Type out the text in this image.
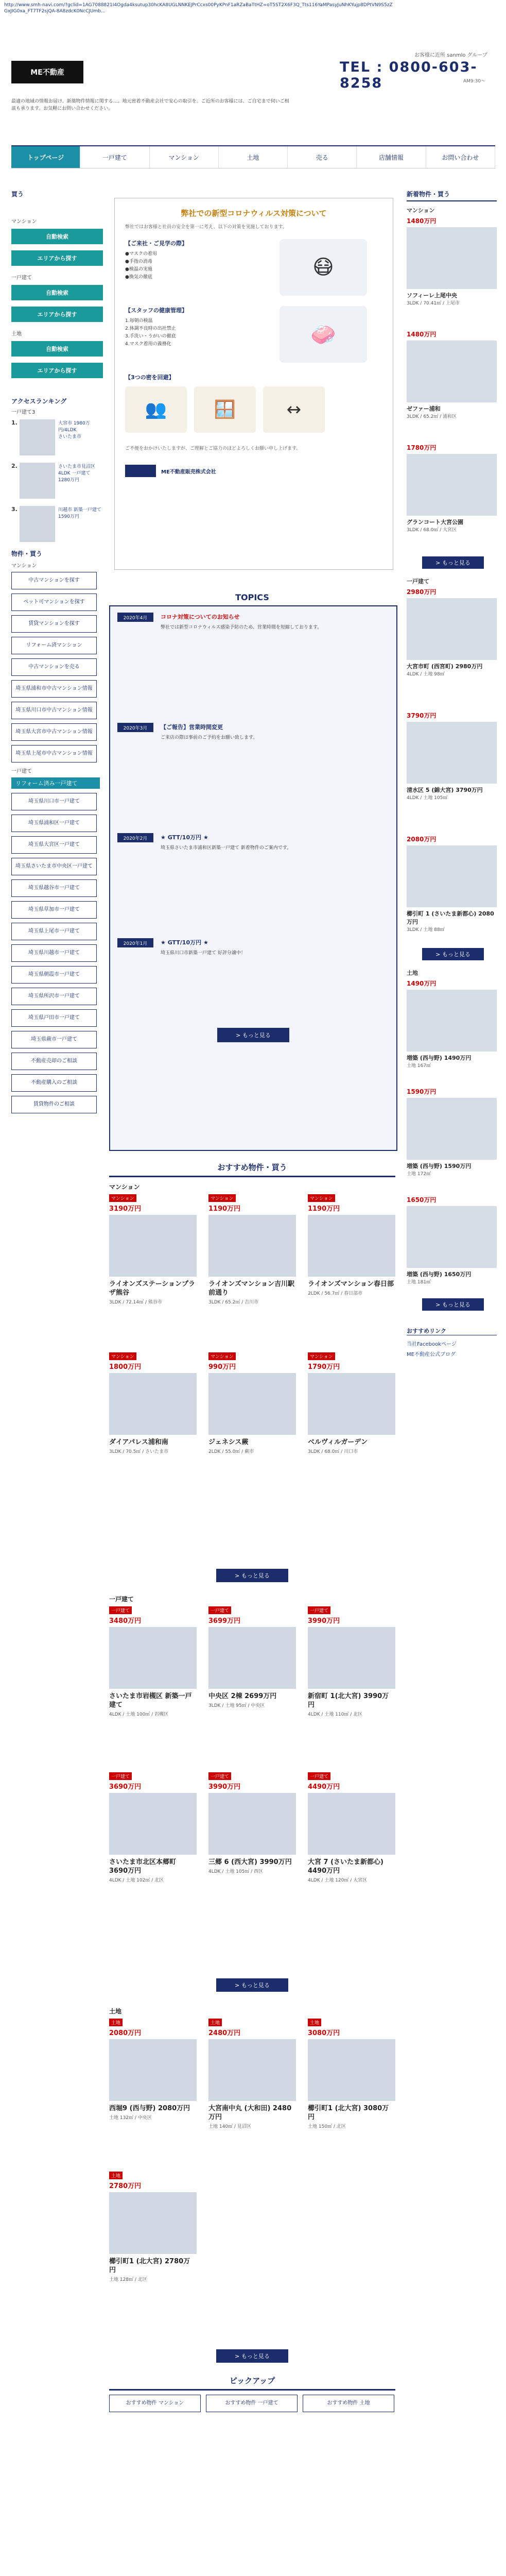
http://www.smh-navi.com/?gclid=1AG7088821I4Ogda4ksutup30hcKA8UGLNNKEJPrCcxs00PyKPnF1aRZaBaTtHZ=oT5ST2X6F3Q_Tts116YaMPasyJuNhKYujp8DPtVN9S5zZGxJIG0xa_FT7TF2sjQA-8A8zdcK0NcCJUmb...
ME不動産
お客様に近所 sanmlo グループ
TEL : 0800-603-8258	AM9:30～
最適の地域の情報お届け、新築物件情報に関する…。地元密着不動産会社で安心の取引を。ご近所のお客様には、ご自宅まで伺いご相談も承ります。お気軽にお問い合わせください。
トップページ	一戸建て	マンション	土地	売る	店舗情報	お問い合わせ
買う
マンション
自動検索
エリアから探す
一戸建て
自動検索
エリアから探す
土地
自動検索
エリアから探す
アクセスランキング
一戸建て3
1.	大宮市 1980万円/4LDK
さいたま市
2.	さいたま市見沼区 4LDK 一戸建て
1280万円
3.	川越市 新築一戸建て
1590万円
物件・買う
マンション
中古マンションを探す
ペット可マンションを探す
賃貸マンションを探す
リフォーム済マンション
中古マンションを売る
埼玉県浦和市中古マンション情報
埼玉県川口市中古マンション情報
埼玉県大宮市中古マンション情報
埼玉県上尾市中古マンション情報
一戸建て
リフォーム済み一戸建て
埼玉県川口市一戸建て
埼玉県浦和区一戸建て
埼玉県大宮区一戸建て
埼玉県さいたま市中央区一戸建て
埼玉県越谷市一戸建て
埼玉県草加市一戸建て
埼玉県上尾市一戸建て
埼玉県川越市一戸建て
埼玉県朝霞市一戸建て
埼玉県所沢市一戸建て
埼玉県戸田市一戸建て
埼玉県蕨市一戸建て
不動産売却のご相談
不動産購入のご相談
賃貸物件のご相談
弊社での新型コロナウィルス対策について
弊社ではお客様と社員の安全を第一に考え、以下の対策を実施しております。
【ご来社・ご見学の際】
●マスクの着用
●手指の消毒
●検温の実施
●換気の徹底	😷
【スタッフの健康管理】
1.毎朝の検温
2.体調不良時の出社禁止
3.手洗い・うがいの徹底
4.マスク着用の義務化	🧼
【3つの密を回避】
👥	🪟	↔
ご不便をおかけいたしますが、ご理解とご協力のほどよろしくお願い申し上げます。
ME不動産販売株式会社
TOPICS
2020年4月	コロナ対策についてのお知らせ
弊社では新型コロナウィルス感染予防のため、営業時間を短縮しております。
2020年3月	【ご報告】営業時間変更
ご来店の際は事前のご予約をお願い致します。
2020年2月	★ GTT/10万円 ★
埼玉県さいたま市浦和区新築一戸建て 新着物件のご案内です。
2020年1月	★ GTT/10万円 ★
埼玉県川口市新築一戸建て 好評分譲中！
> もっと見る
おすすめ物件・買う
マンション
マンション
3190万円
ライオンズステーションプラザ熊谷
3LDK / 72.14㎡ / 熊谷市
マンション
1190万円
ライオンズマンション吉川駅前通り
3LDK / 65.2㎡ / 吉川市
マンション
1190万円
ライオンズマンション春日部
2LDK / 56.7㎡ / 春日部市
マンション
1800万円
ダイアパレス浦和南
3LDK / 70.5㎡ / さいたま市
マンション
990万円
ジェネシス蕨
2LDK / 55.0㎡ / 蕨市
マンション
1790万円
ベルヴィルガーデン
3LDK / 68.0㎡ / 川口市
> もっと見る
一戸建て
一戸建て
3480万円
さいたま市岩槻区 新築一戸建て
4LDK / 土地 100㎡ / 岩槻区
一戸建て
3699万円
中央区 2棟 2699万円
3LDK / 土地 95㎡ / 中央区
一戸建て
3990万円
新宿町 1(北大宮) 3990万円
4LDK / 土地 110㎡ / 北区
一戸建て
3690万円
さいたま市北区本郷町 3690万円
4LDK / 土地 102㎡ / 北区
一戸建て
3990万円
三郷 6 (西大宮) 3990万円
4LDK / 土地 105㎡ / 西区
一戸建て
4490万円
大宮 7 (さいたま新都心) 4490万円
4LDK / 土地 120㎡ / 大宮区
> もっと見る
土地
土地
2080万円
西堀9 (西与野) 2080万円
土地 132㎡ / 中央区
土地
2480万円
大宮南中丸 (大和田) 2480万円
土地 140㎡ / 見沼区
土地
3080万円
櫛引町1 (北大宮) 3080万円
土地 150㎡ / 北区
土地
2780万円
櫛引町1 (北大宮) 2780万円
土地 128㎡ / 北区
> もっと見る
ピックアップ
おすすめ物件 マンション	おすすめ物件 一戸建て	おすすめ物件 土地
新着物件・買う
マンション
1480万円
ソフィーレ上尾中央
3LDK / 70.41㎡ / 上尾市
1480万円
ゼファー浦和
3LDK / 65.2㎡ / 浦和区
1780万円
グランコート大宮公園
3LDK / 68.0㎡ / 大宮区
> もっと見る
一戸建て
2980万円
大宮市町 (西宮町) 2980万円
4LDK / 土地 98㎡
3790万円
清水区 5 (錦大宮) 3790万円
4LDK / 土地 105㎡
2080万円
櫛引町 1 (さいたま新都心) 2080万円
3LDK / 土地 88㎡
> もっと見る
土地
1490万円
増築 (西与野) 1490万円
土地 167㎡
1590万円
増築 (西与野) 1590万円
土地 172㎡
1650万円
増築 (西与野) 1650万円
土地 181㎡
> もっと見る
おすすめリンク
当社Facebookページ
ME不動産公式ブログ
